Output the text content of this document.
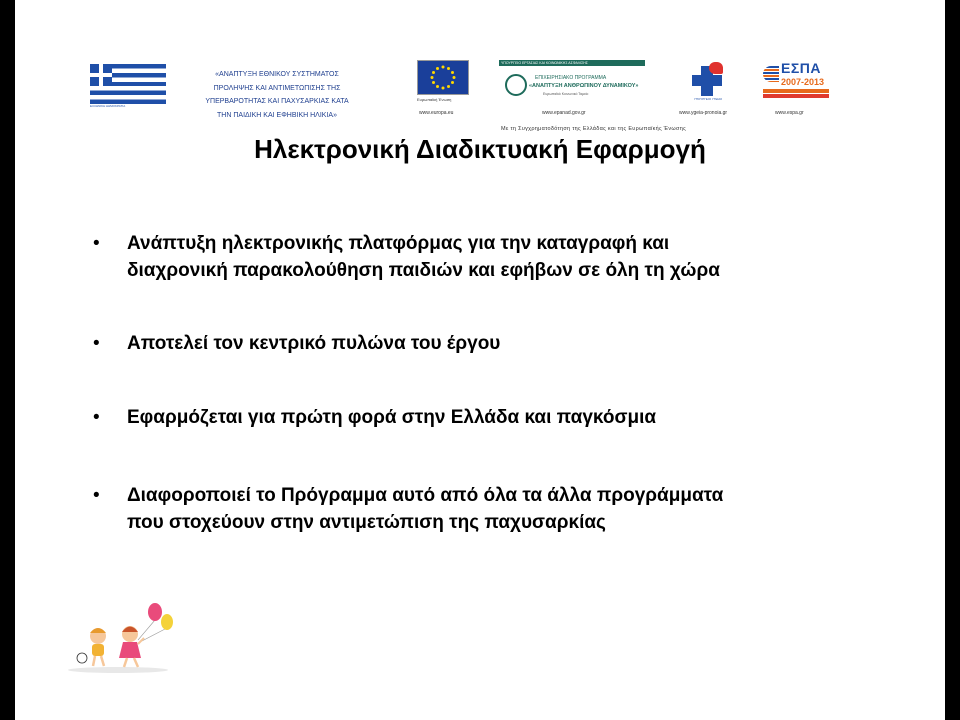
ΕΛΛΗΝΙΚΗ ΔΗΜΟΚΡΑΤΙΑ
«ΑΝΑΠΤΥΞΗ ΕΘΝΙΚΟΥ ΣΥΣΤΗΜΑΤΟΣ
ΠΡΟΛΗΨΗΣ ΚΑΙ ΑΝΤΙΜΕΤΩΠΙΣΗΣ ΤΗΣ
ΥΠΕΡΒΑΡΟΤΗΤΑΣ ΚΑΙ ΠΑΧΥΣΑΡΚΙΑΣ ΚΑΤΑ
ΤΗΝ ΠΑΙΔΙΚΗ ΚΑΙ ΕΦΗΒΙΚΗ ΗΛΙΚΙΑ»
Ευρωπαϊκή Ένωση
www.europa.eu
ΥΠΟΥΡΓΕΙΟ ΕΡΓΑΣΙΑΣ ΚΑΙ ΚΟΙΝΩΝΙΚΗΣ ΑΣΦΑΛΙΣΗΣ
ΕΠΙΧΕΙΡΗΣΙΑΚΟ ΠΡΟΓΡΑΜΜΑ
«ΑΝΑΠΤΥΞΗ ΑΝΘΡΩΠΙΝΟΥ ΔΥΝΑΜΙΚΟΥ»
Ευρωπαϊκό Κοινωνικό Ταμείο
www.epanad.gov.gr
ΥΠΟΥΡΓΕΙΟ ΥΓΕΙΑΣ
www.ygeia-pronoia.gr
ΕΣΠΑ
2007-2013
www.espa.gr
Με τη Συγχρηματοδότηση της Ελλάδας και της Ευρωπαϊκής Ένωσης
Ηλεκτρονική Διαδικτυακή Εφαρμογή
• Ανάπτυξη ηλεκτρονικής πλατφόρμας για την καταγραφή και
διαχρονική παρακολούθηση παιδιών και εφήβων σε όλη τη χώρα
• Αποτελεί τον κεντρικό πυλώνα του έργου
• Εφαρμόζεται για πρώτη φορά στην Ελλάδα και παγκόσμια
• Διαφοροποιεί το Πρόγραμμα αυτό από όλα τα άλλα προγράμματα
που στοχεύουν στην αντιμετώπιση της παχυσαρκίας
